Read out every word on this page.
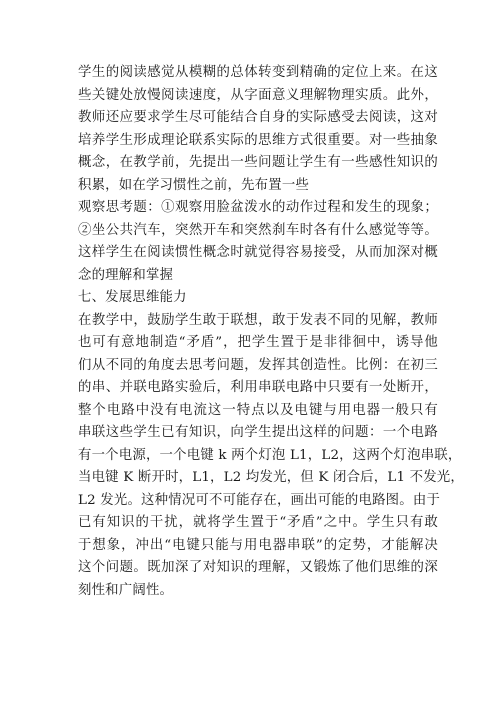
学生的阅读感觉从模糊的总体转变到精确的定位上来。在这
些关键处放慢阅读速度，从字面意义理解物理实质。此外，
教师还应要求学生尽可能结合自身的实际感受去阅读，这对
培养学生形成理论联系实际的思维方式很重要。对一些抽象
概念，在教学前，先提出一些问题让学生有一些感性知识的
积累，如在学习惯性之前，先布置一些
观察思考题：①观察用脸盆泼水的动作过程和发生的现象；
②坐公共汽车，突然开车和突然刹车时各有什么感觉等等。
这样学生在阅读惯性概念时就觉得容易接受，从而加深对概
念的理解和掌握
七、发展思维能力
在教学中，鼓励学生敢于联想，敢于发表不同的见解，教师
也可有意地制造“矛盾”，把学生置于是非徘徊中，诱导他
们从不同的角度去思考问题，发挥其创造性。比例：在初三
的串、并联电路实验后，利用串联电路中只要有一处断开，
整个电路中没有电流这一特点以及电键与用电器一般只有
串联这些学生已有知识，向学生提出这样的问题：一个电路
有一个电源，一个电键 k 两个灯泡 L1，L2，这两个灯泡串联，
当电键 K 断开时，L1，L2 均发光，但 K 闭合后，L1 不发光，
L2 发光。这种情况可不可能存在，画出可能的电路图。由于
已有知识的干扰，就将学生置于“矛盾”之中。学生只有敢
于想象，冲出“电键只能与用电器串联”的定势，才能解决
这个问题。既加深了对知识的理解，又锻炼了他们思维的深
刻性和广阔性。
